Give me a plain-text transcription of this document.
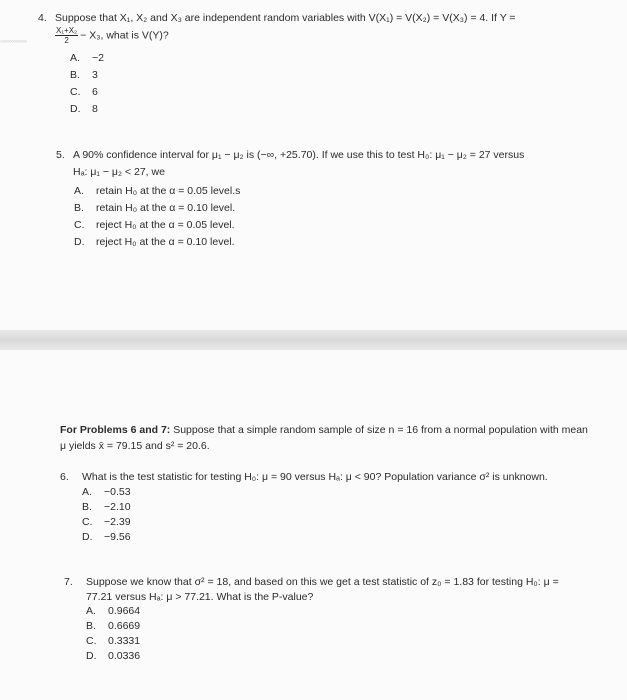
◦◦◦◦◦◦◦◦◦◦◦◦
4. Suppose that X₁, X₂ and X₃ are independent random variables with V(X₁) = V(X₂) = V(X₃) = 4. If Y =
$\frac{\text{X₁+X₂}}{2} - X_3$, what is V(Y)?
A. −2
B. 3
C. 6
D. 8
5. A 90% confidence interval for μ₁ − μ₂ is (−∞, +25.70). If we use this to test H₀: μ₁ − μ₂ = 27 versus
Hₐ: μ₁ − μ₂ < 27, we
A. retain H₀ at the α = 0.05 level.s
B. retain H₀ at the α = 0.10 level.
C. reject H₀ at the α = 0.05 level.
D. reject H₀ at the α = 0.10 level.
For Problems 6 and 7: Suppose that a simple random sample of size n = 16 from a normal population with mean
μ yields x̄ = 79.15 and s² = 20.6.
6. What is the test statistic for testing H₀: μ = 90 versus Hₐ: μ < 90? Population variance σ² is unknown.
A. −0.53
B. −2.10
C. −2.39
D. −9.56
7. Suppose we know that σ² = 18, and based on this we get a test statistic of z₀ = 1.83 for testing H₀: μ =
77.21 versus Hₐ: μ > 77.21. What is the P-value?
A. 0.9664
B. 0.6669
C. 0.3331
D. 0.0336
